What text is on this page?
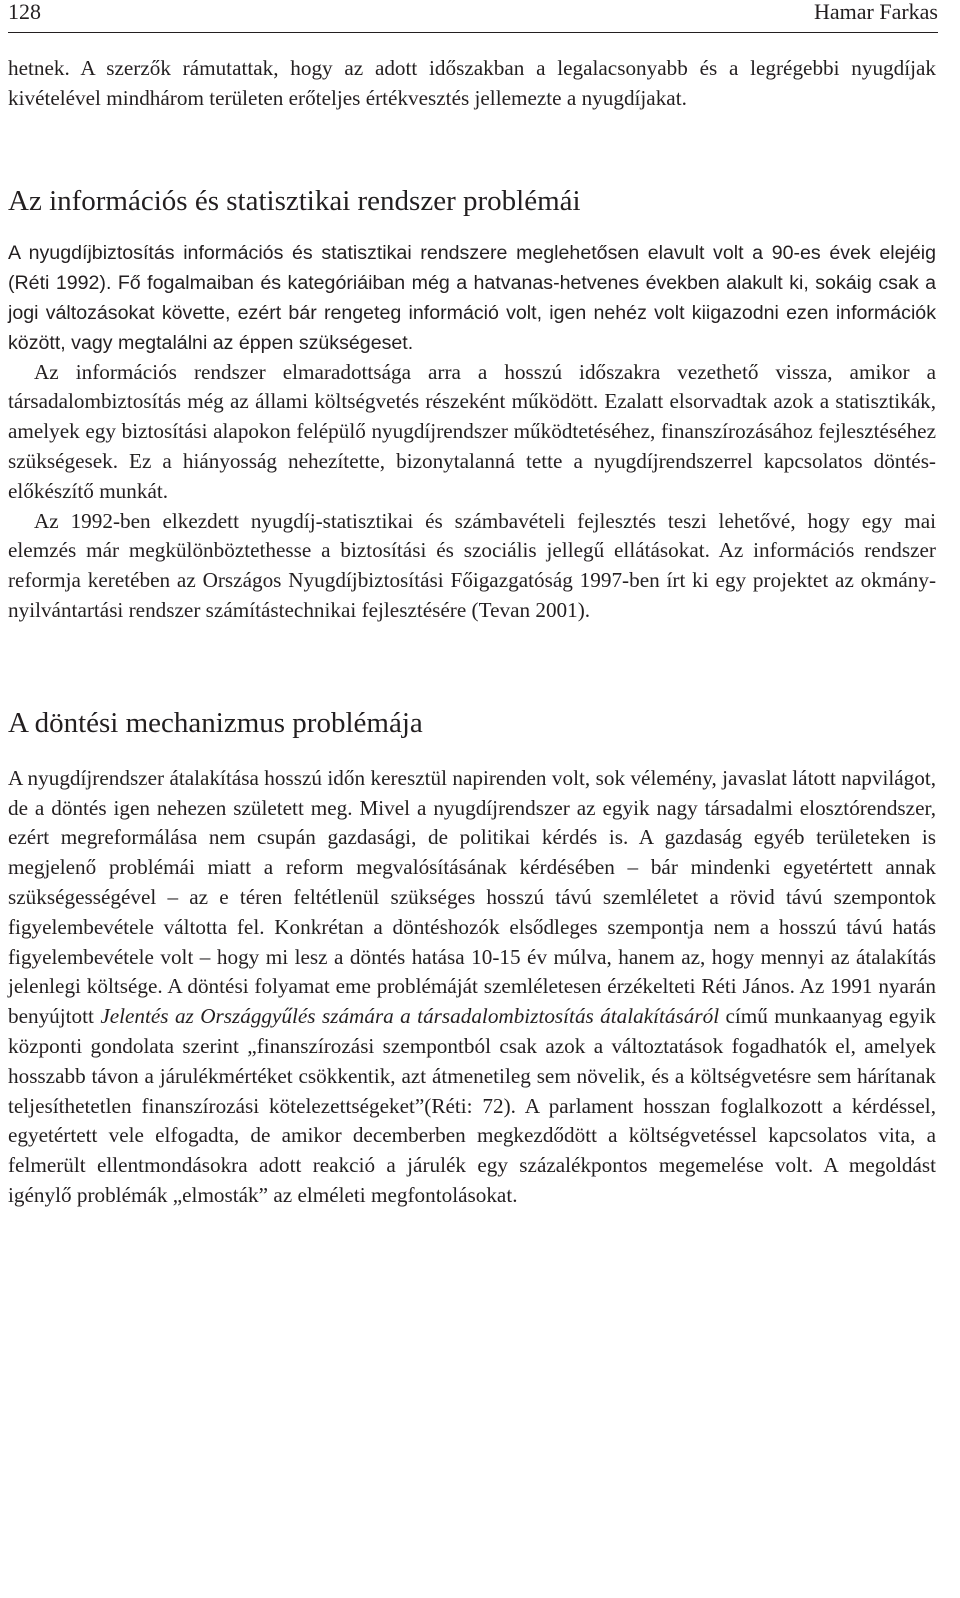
128	Hamar Farkas

hetnek. A szerzők rámutattak, hogy az adott időszakban a legalacsonyabb és a legrégebbi nyugdíjak kivételével mindhárom területen erőteljes értékvesztés jellemezte a nyugdíjakat.

Az információs és statisztikai rendszer problémái

A nyugdíjbiztosítás információs és statisztikai rendszere meglehetősen elavult volt a 90-es évek elejéig (Réti 1992). Fő fogalmaiban és kategóriáiban még a hatvanas-hetvenes években alakult ki, sokáig csak a jogi változásokat követte, ezért bár rengeteg információ volt, igen nehéz volt kiigazodni ezen információk között, vagy megtalálni az éppen szükségeset.

Az információs rendszer elmaradottsága arra a hosszú időszakra vezethető vissza, amikor a társadalombiztosítás még az állami költségvetés részeként működött. Ezalatt elsorvadtak azok a statisztikák, amelyek egy biztosítási alapokon felépülő nyugdíjrendszer működtetéséhez, finanszírozásához fejlesztéséhez szükségesek. Ez a hiányosság nehezítette, bizonytalanná tette a nyugdíjrendszerrel kapcsolatos döntés-előkészítő munkát.

Az 1992-ben elkezdett nyugdíj-statisztikai és számbavételi fejlesztés teszi lehetővé, hogy egy mai elemzés már megkülönböztethesse a biztosítási és szociális jellegű ellátásokat. Az információs rendszer reformja keretében az Országos Nyugdíjbiztosítási Főigazgatóság 1997-ben írt ki egy projektet az okmány-nyilvántartási rendszer számítástechnikai fejlesztésére (Tevan 2001).

A döntési mechanizmus problémája

A nyugdíjrendszer átalakítása hosszú időn keresztül napirenden volt, sok vélemény, javaslat látott napvilágot, de a döntés igen nehezen született meg. Mivel a nyugdíjrendszer az egyik nagy társadalmi elosztórendszer, ezért megreformálása nem csupán gazdasági, de politikai kérdés is. A gazdaság egyéb területeken is megjelenő problémái miatt a reform megvalósításának kérdésében – bár mindenki egyetértett annak szükségességével – az e téren feltétlenül szükséges hosszú távú szemléletet a rövid távú szempontok figyelembevétele váltotta fel. Konkrétan a döntéshozók elsődleges szempontja nem a hosszú távú hatás figyelembevétele volt – hogy mi lesz a döntés hatása 10-15 év múlva, hanem az, hogy mennyi az átalakítás jelenlegi költsége. A döntési folyamat eme problémáját szemléletesen érzékelteti Réti János. Az 1991 nyarán benyújtott Jelentés az Országgyűlés számára a társadalombiztosítás átalakításáról című munkaanyag egyik központi gondolata szerint „finanszírozási szempontból csak azok a változtatások fogadhatók el, amelyek hosszabb távon a járulékmértéket csökkentik, azt átmenetileg sem növelik, és a költségvetésre sem hárítanak teljesíthetetlen finanszírozási kötelezettségeket”(Réti: 72). A parlament hosszan foglalkozott a kérdéssel, egyetértett vele elfogadta, de amikor decemberben megkezdődött a költségvetéssel kapcsolatos vita, a felmerült ellentmondásokra adott reakció a járulék egy százalékpontos megemelése volt. A megoldást igénylő problémák „elmosták” az elméleti megfontolásokat.
